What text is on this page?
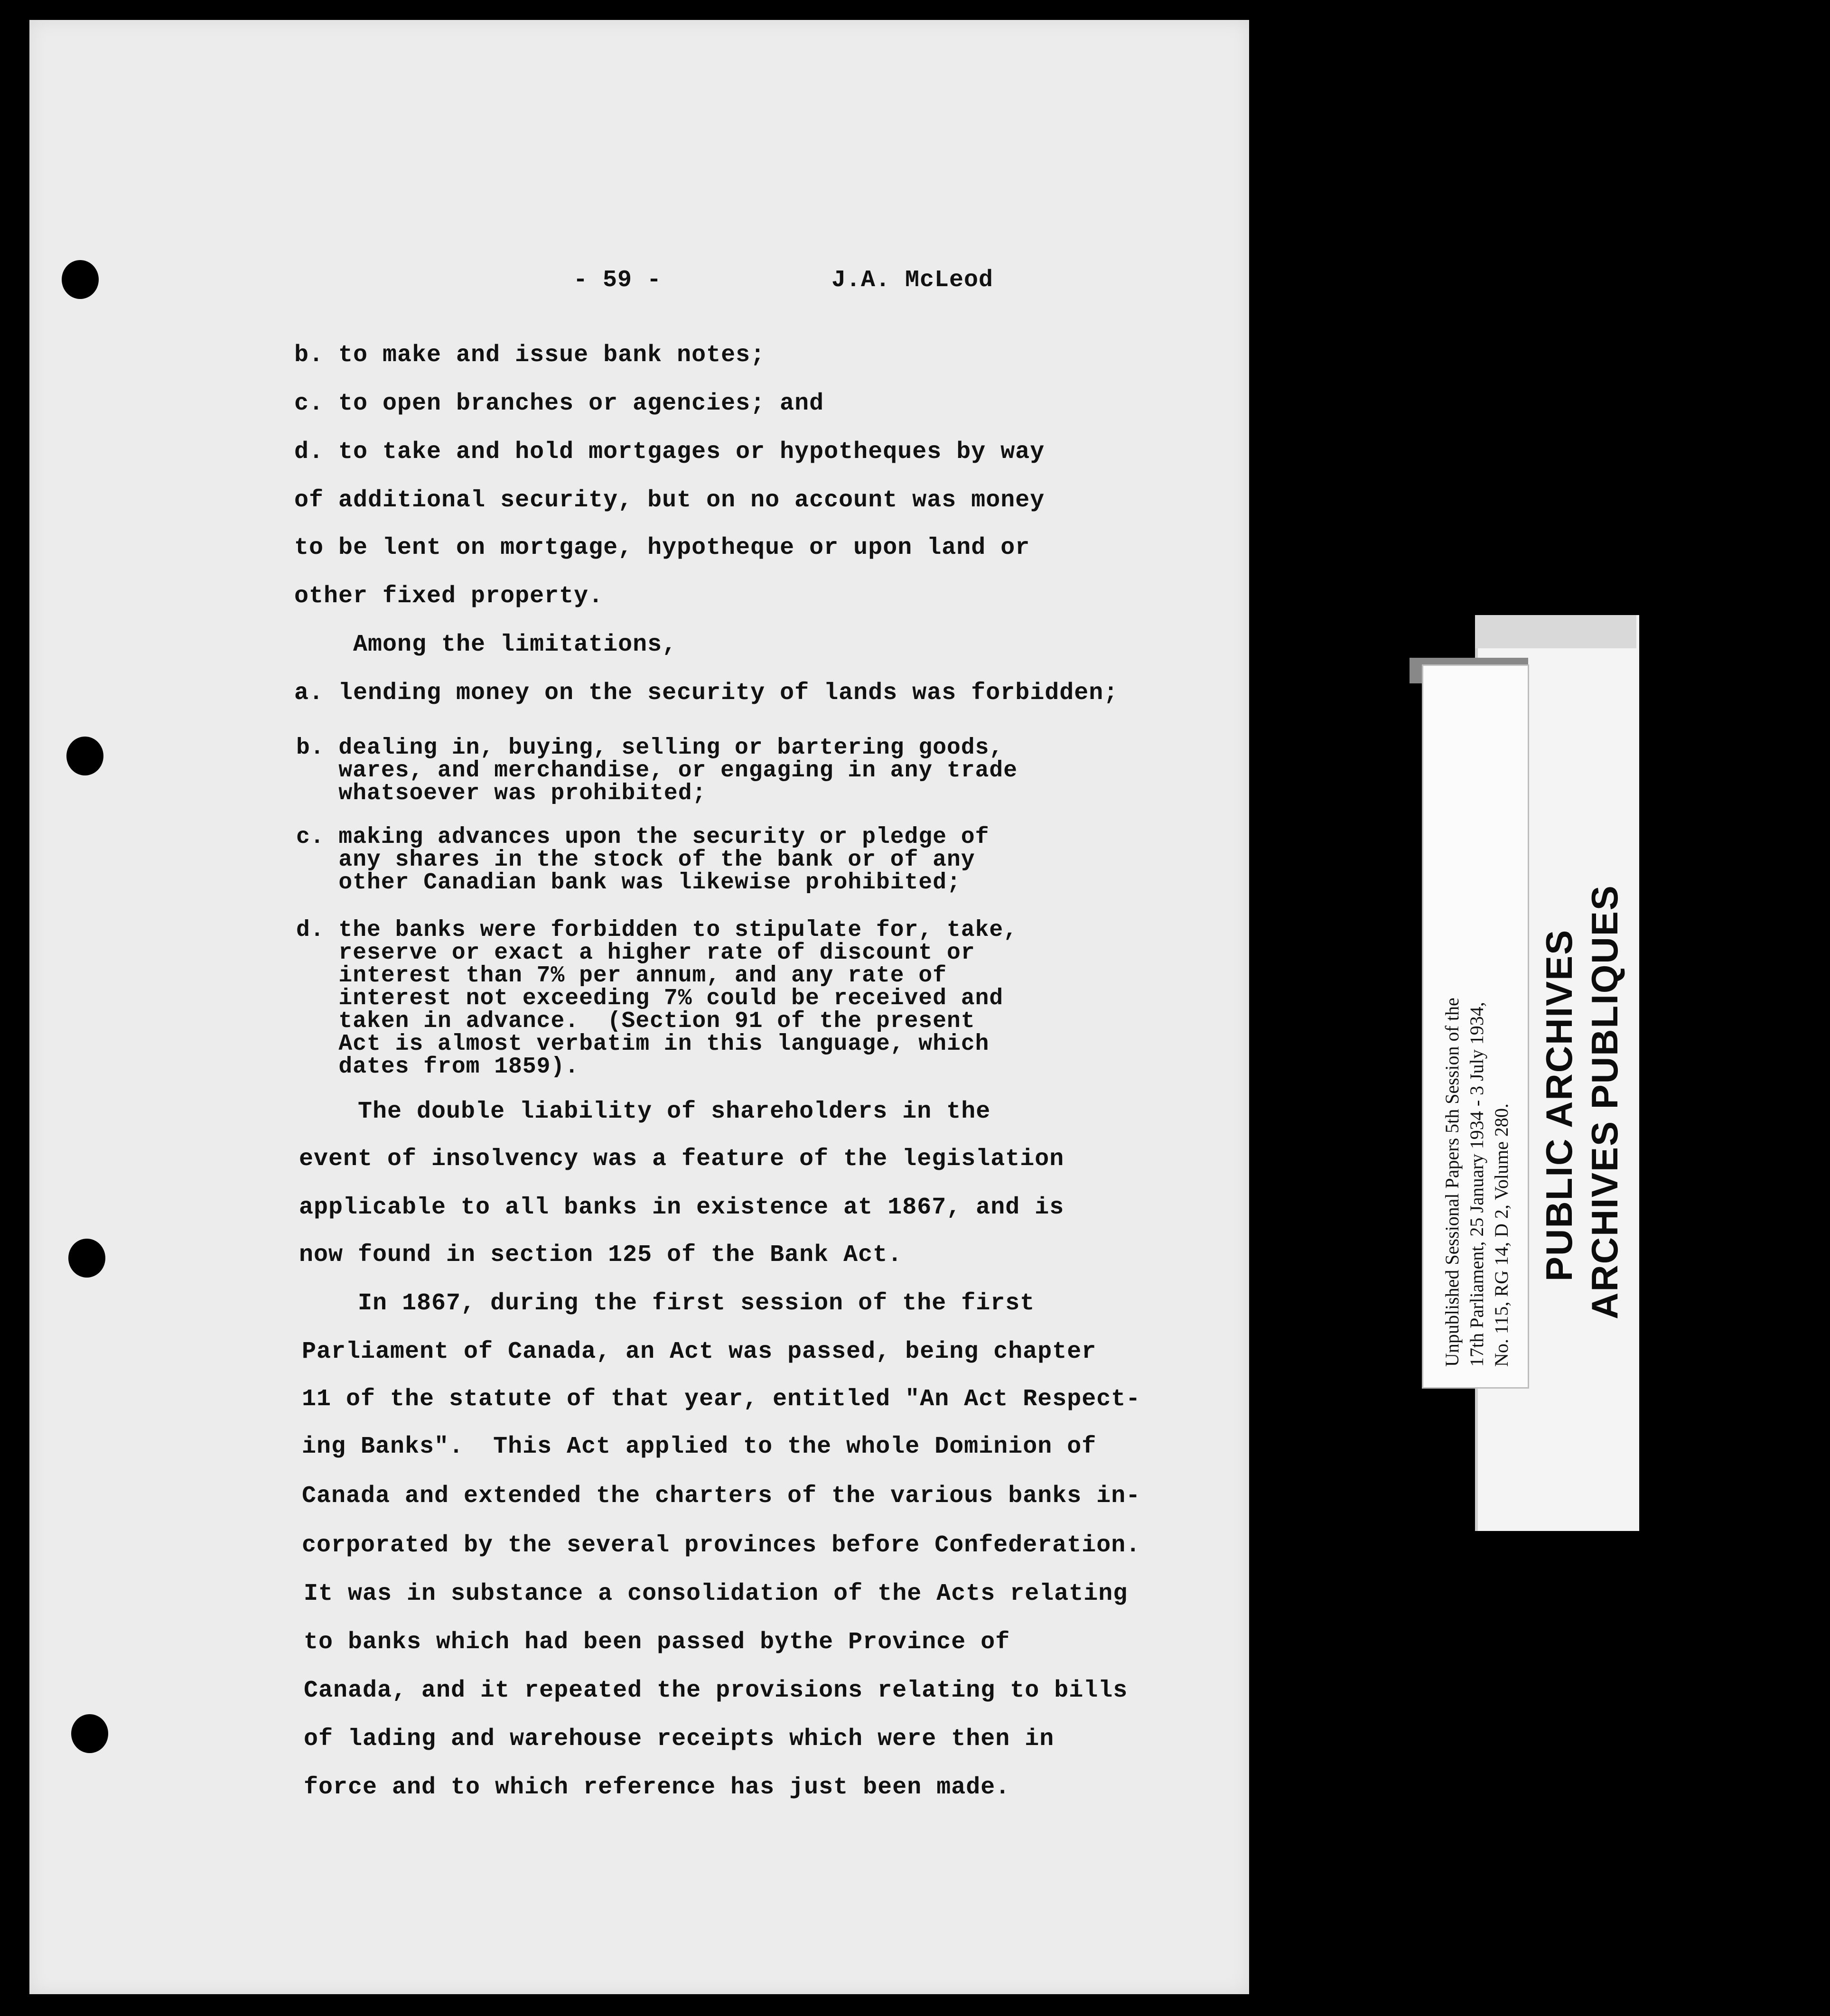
- 59 -	J.A. McLeod

b. to make and issue bank notes;

c. to open branches or agencies; and

d. to take and hold mortgages or hypotheques by way

of additional security, but on no account was money

to be lent on mortgage, hypotheque or upon land or

other fixed property.

Among the limitations,

a. lending money on the security of lands was forbidden;

b. dealing in, buying, selling or bartering goods,
wares, and merchandise, or engaging in any trade
whatsoever was prohibited;

c. making advances upon the security or pledge of
any shares in the stock of the bank or of any
other Canadian bank was likewise prohibited;

d. the banks were forbidden to stipulate for, take,
reserve or exact a higher rate of discount or
interest than 7% per annum, and any rate of
interest not exceeding 7% could be received and
taken in advance.  (Section 91 of the present
Act is almost verbatim in this language, which
dates from 1859).

The double liability of shareholders in the

event of insolvency was a feature of the legislation

applicable to all banks in existence at 1867, and is

now found in section 125 of the Bank Act.

In 1867, during the first session of the first

Parliament of Canada, an Act was passed, being chapter

11 of the statute of that year, entitled "An Act Respect-

ing Banks".  This Act applied to the whole Dominion of

Canada and extended the charters of the various banks in-

corporated by the several provinces before Confederation.

It was in substance a consolidation of the Acts relating

to banks which had been passed bythe Province of

Canada, and it repeated the provisions relating to bills

of lading and warehouse receipts which were then in

force and to which reference has just been made.

Unpublished Sessional Papers 5th Session of the 17th Parliament, 25 January 1934 - 3 July 1934, No. 115, RG 14, D 2, Volume 280. PUBLIC ARCHIVES ARCHIVES PUBLIQUES
